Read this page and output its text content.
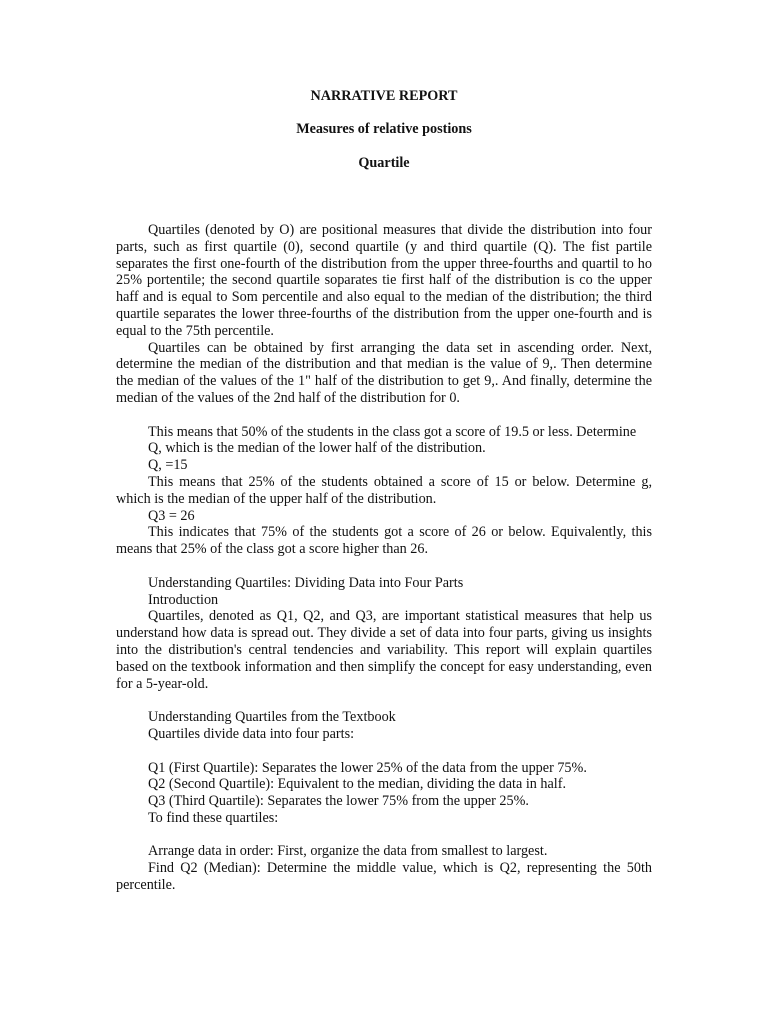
NARRATIVE REPORT
Measures of relative postions
Quartile

Quartiles (denoted by O) are positional measures that divide the distribution into four parts, such as first quartile (0), second quartile (y and third quartile (Q). The fist partile separates the first one-fourth of the distribution from the upper three-fourths and quartil to ho 25% portentile; the second quartile soparates tie first half of the distribution is co the upper haff and is equal to Som percentile and also equal to the median of the distribution; the third quartile separates the lower three-fourths of the distribution from the upper one-fourth and is equal to the 75th percentile.

Quartiles can be obtained by first arranging the data set in ascending order. Next, determine the median of the distribution and that median is the value of 9,. Then determine the median of the values of the 1" half of the distribution to get 9,. And finally, determine the median of the values of the 2nd half of the distribution for 0.

This means that 50% of the students in the class got a score of 19.5 or less. Determine

Q, which is the median of the lower half of the distribution.

Q, =15

This means that 25% of the students obtained a score of 15 or below. Determine g, which is the median of the upper half of the distribution.

Q3 = 26

This indicates that 75% of the students got a score of 26 or below. Equivalently, this means that 25% of the class got a score higher than 26.

Understanding Quartiles: Dividing Data into Four Parts

Introduction

Quartiles, denoted as Q1, Q2, and Q3, are important statistical measures that help us understand how data is spread out. They divide a set of data into four parts, giving us insights into the distribution's central tendencies and variability. This report will explain quartiles based on the textbook information and then simplify the concept for easy understanding, even for a 5-year-old.

Understanding Quartiles from the Textbook

Quartiles divide data into four parts:

Q1 (First Quartile): Separates the lower 25% of the data from the upper 75%.

Q2 (Second Quartile): Equivalent to the median, dividing the data in half.

Q3 (Third Quartile): Separates the lower 75% from the upper 25%.

To find these quartiles:

Arrange data in order: First, organize the data from smallest to largest.

Find Q2 (Median): Determine the middle value, which is Q2, representing the 50th percentile.
